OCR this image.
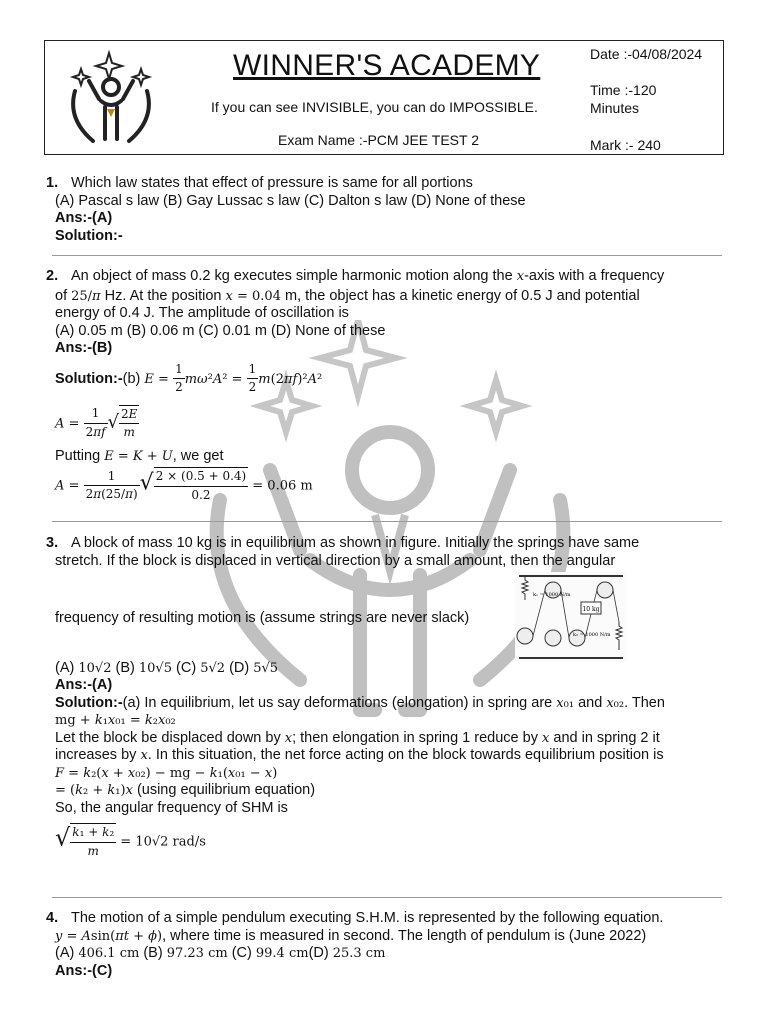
WINNER'S ACADEMY
If you can see INVISIBLE, you can do IMPOSSIBLE.
Exam Name :-PCM JEE TEST 2
Date :-04/08/2024
Time :-120
Minutes
Mark :- 240
1. Which law states that effect of pressure is same for all portions
(A) Pascal s law (B) Gay Lussac s law (C) Dalton s law (D) None of these
Ans:-(A)
Solution:-
2. An object of mass 0.2 kg executes simple harmonic motion along the x-axis with a frequency
of 25/π Hz. At the position x = 0.04 m, the object has a kinetic energy of 0.5 J and potential
energy of 0.4 J. The amplitude of oscillation is
(A) 0.05 m (B) 0.06 m (C) 0.01 m (D) None of these
Ans:-(B)
Solution:-(b) $E = \frac{1}{2} m\omega^2A^2 = \frac{1}{2} m(2\pi f)^2A^2$
$A = \frac{1}{2\pi f}$ √ $\frac{2E}{m}$
Putting E = K + U, we get
$A = \frac{1}{2\pi(25/\pi)}$ √ $\frac{2 \times (0.5 + 0.4)}{0.2} = 0.06$ m
3. A block of mass 10 kg is in equilibrium as shown in figure. Initially the springs have same
stretch. If the block is displaced in vertical direction by a small amount, then the angular
frequency of resulting motion is (assume strings are never slack)
(A) 10√2 (B) 10√5 (C) 5√2 (D) 5√5
Ans:-(A)
Solution:-(a) In equilibrium, let us say deformations (elongation) in spring are x₀₁ and x₀₂. Then
mg + k₁x₀₁ = k₂x₀₂
Let the block be displaced down by x; then elongation in spring 1 reduce by x and in spring 2 it
increases by x. In this situation, the net force acting on the block towards equilibrium position is
F = k₂(x + x₀₂) − mg − k₁(x₀₁ − x)
= (k₂ + k₁)x (using equilibrium equation)
So, the angular frequency of SHM is
√ $\frac{\text{k₁ + k₂}}{m} = 10√2$ rad/s
10 kg
k₁ = 1000 N/m
k₂ = 1000 N/m
4. The motion of a simple pendulum executing S.H.M. is represented by the following equation.
y = Asin(πt + ϕ), where time is measured in second. The length of pendulum is (June 2022)
(A) 406.1 cm (B) 97.23 cm (C) 99.4 cm(D) 25.3 cm
Ans:-(C)
